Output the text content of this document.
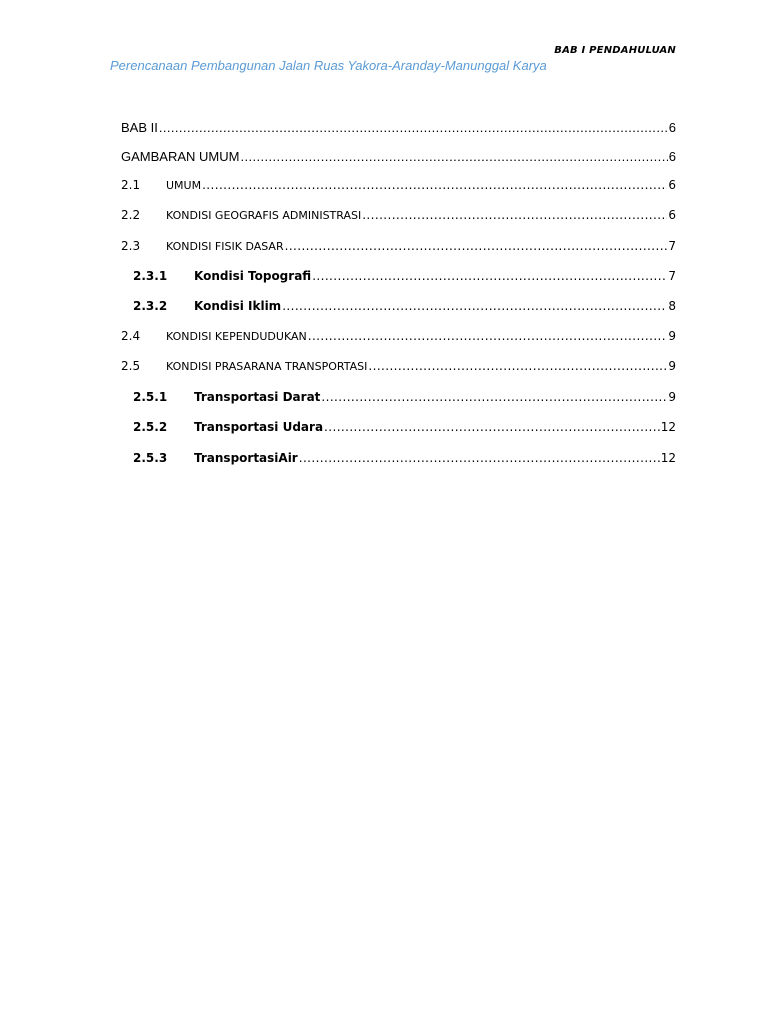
BAB I PENDAHULUAN
Perencanaan Pembangunan Jalan Ruas Yakora-Aranday-Manunggal Karya
BAB II .....	6
GAMBARAN UMUM .....	6
2.1	UMUM .....	6
2.2	KONDISI GEOGRAFIS ADMINISTRASI .....	6
2.3	KONDISI FISIK DASAR .....	7
2.3.1	Kondisi Topografi .....	7
2.3.2	Kondisi Iklim .....	8
2.4	KONDISI KEPENDUDUKAN .....	9
2.5	KONDISI PRASARANA TRANSPORTASI .....	9
2.5.1	Transportasi Darat .....	9
2.5.2	Transportasi Udara .....	12
2.5.3	TransportasiAir .....	12
